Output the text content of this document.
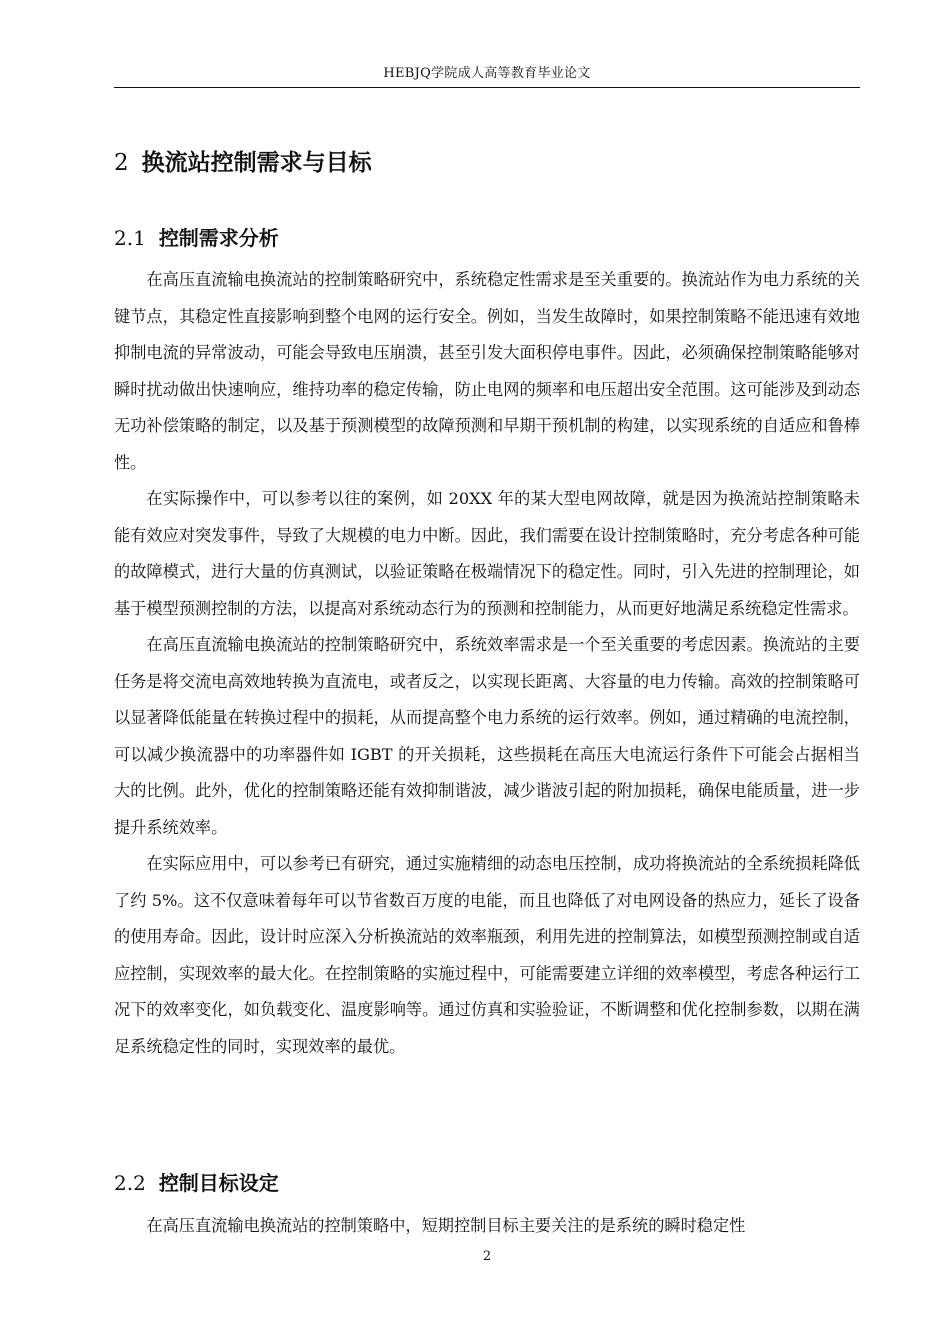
HEBJQ学院成人高等教育毕业论文
2 换流站控制需求与目标
2.1 控制需求分析

在高压直流输电换流站的控制策略研究中，系统稳定性需求是至关重要的。换流站作为电力系统的关键节点，其稳定性直接影响到整个电网的运行安全。例如，当发生故障时，如果控制策略不能迅速有效地抑制电流的异常波动，可能会导致电压崩溃，甚至引发大面积停电事件。因此，必须确保控制策略能够对瞬时扰动做出快速响应，维持功率的稳定传输，防止电网的频率和电压超出安全范围。这可能涉及到动态无功补偿策略的制定，以及基于预测模型的故障预测和早期干预机制的构建，以实现系统的自适应和鲁棒性。

在实际操作中，可以参考以往的案例，如 20XX 年的某大型电网故障，就是因为换流站控制策略未能有效应对突发事件，导致了大规模的电力中断。因此，我们需要在设计控制策略时，充分考虑各种可能的故障模式，进行大量的仿真测试，以验证策略在极端情况下的稳定性。同时，引入先进的控制理论，如基于模型预测控制的方法，以提高对系统动态行为的预测和控制能力，从而更好地满足系统稳定性需求。

在高压直流输电换流站的控制策略研究中，系统效率需求是一个至关重要的考虑因素。换流站的主要任务是将交流电高效地转换为直流电，或者反之，以实现长距离、大容量的电力传输。高效的控制策略可以显著降低能量在转换过程中的损耗，从而提高整个电力系统的运行效率。例如，通过精确的电流控制，可以减少换流器中的功率器件如 IGBT 的开关损耗，这些损耗在高压大电流运行条件下可能会占据相当大的比例。此外，优化的控制策略还能有效抑制谐波，减少谐波引起的附加损耗，确保电能质量，进一步提升系统效率。

在实际应用中，可以参考已有研究，通过实施精细的动态电压控制，成功将换流站的全系统损耗降低了约 5%。这不仅意味着每年可以节省数百万度的电能，而且也降低了对电网设备的热应力，延长了设备的使用寿命。因此，设计时应深入分析换流站的效率瓶颈，利用先进的控制算法，如模型预测控制或自适应控制，实现效率的最大化。在控制策略的实施过程中，可能需要建立详细的效率模型，考虑各种运行工况下的效率变化，如负载变化、温度影响等。通过仿真和实验验证，不断调整和优化控制参数，以期在满足系统稳定性的同时，实现效率的最优。

2.2 控制目标设定

在高压直流输电换流站的控制策略中，短期控制目标主要关注的是系统的瞬时稳定性

2
